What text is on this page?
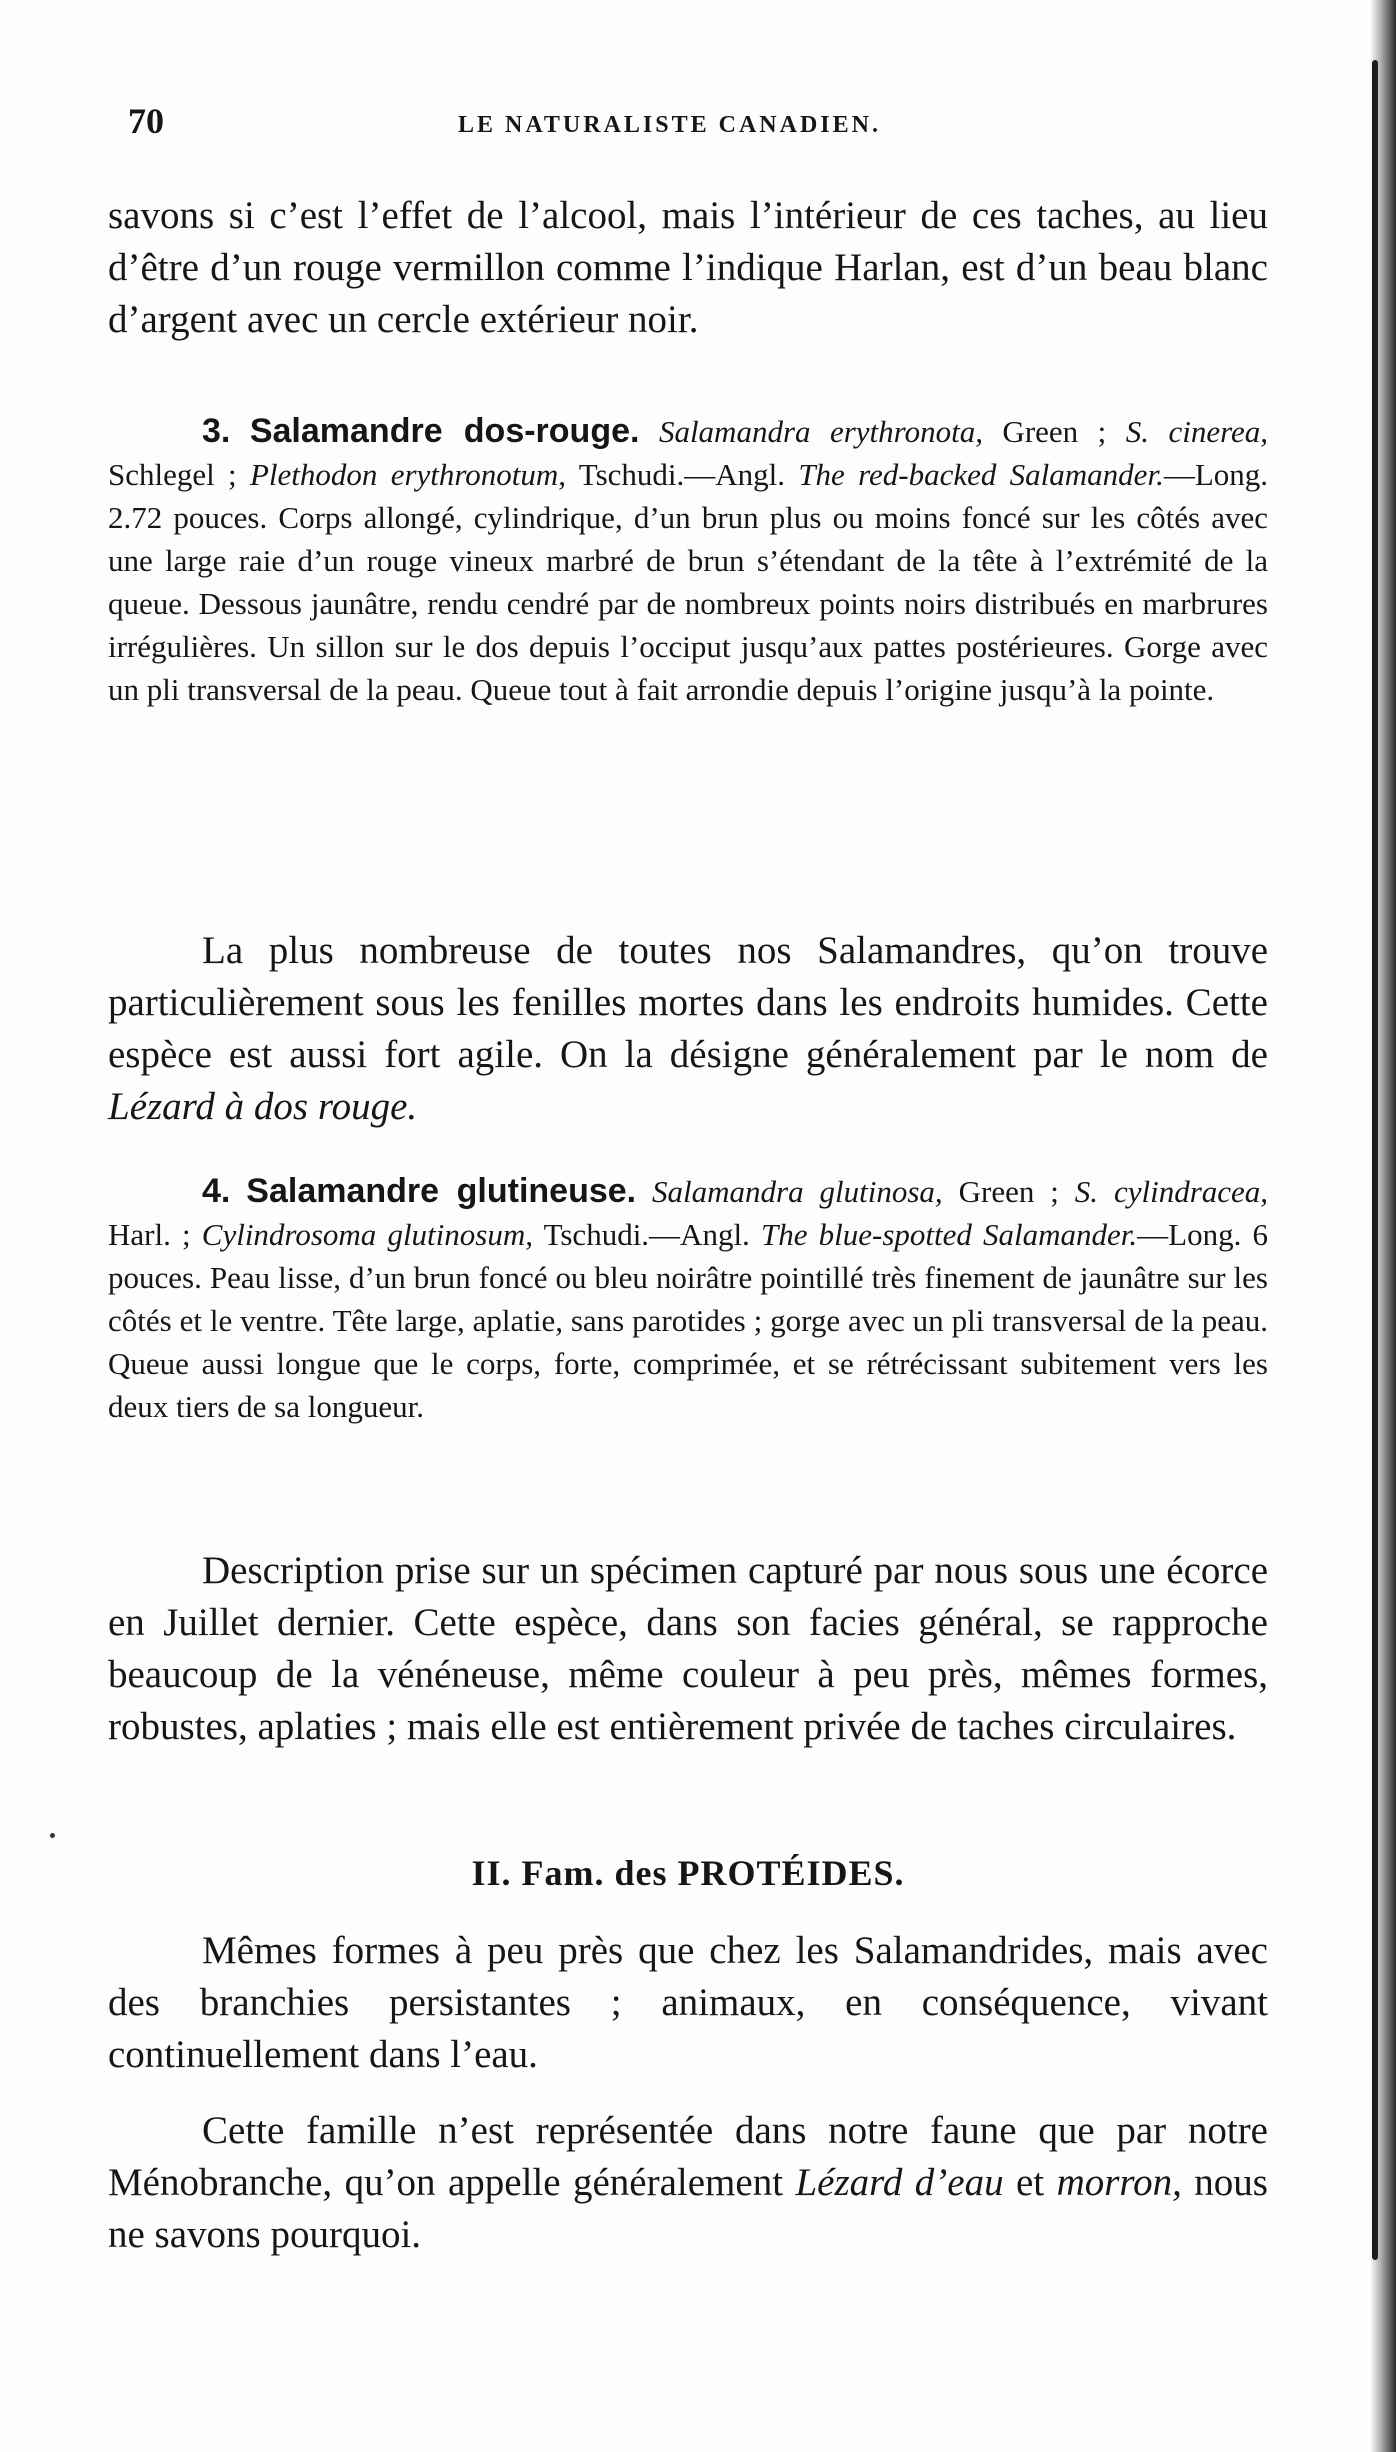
70	LE NATURALISTE CANADIEN.

savons si c’est l’effet de l’alcool, mais l’intérieur de ces taches, au lieu d’être d’un rouge vermillon comme l’indique Harlan, est d’un beau blanc d’argent avec un cercle extérieur noir.

3. Salamandre dos-rouge. Salamandra erythronota, Green ; S. cinerea, Schlegel ; Plethodon erythronotum, Tschudi.—Angl. The red-backed Salamander.—Long. 2.72 pouces. Corps allongé, cylindrique, d’un brun plus ou moins foncé sur les côtés avec une large raie d’un rouge vineux marbré de brun s’étendant de la tête à l’extrémité de la queue. Dessous jaunâtre, rendu cendré par de nombreux points noirs distribués en marbrures irrégulières. Un sillon sur le dos depuis l’occiput jusqu’aux pattes postérieures. Gorge avec un pli transversal de la peau. Queue tout à fait arrondie depuis l’origine jusqu’à la pointe.

La plus nombreuse de toutes nos Salamandres, qu’on trouve particulièrement sous les fenilles mortes dans les endroits humides. Cette espèce est aussi fort agile. On la désigne généralement par le nom de Lézard à dos rouge.

4. Salamandre glutineuse. Salamandra glutinosa, Green ; S. cylindracea, Harl. ; Cylindrosoma glutinosum, Tschudi.—Angl. The blue-spotted Salamander.—Long. 6 pouces. Peau lisse, d’un brun foncé ou bleu noirâtre pointillé très finement de jaunâtre sur les côtés et le ventre. Tête large, aplatie, sans parotides ; gorge avec un pli transversal de la peau. Queue aussi longue que le corps, forte, comprimée, et se rétrécissant subitement vers les deux tiers de sa longueur.

Description prise sur un spécimen capturé par nous sous une écorce en Juillet dernier. Cette espèce, dans son facies général, se rapproche beaucoup de la vénéneuse, même couleur à peu près, mêmes formes, robustes, aplaties ; mais elle est entièrement privée de taches circulaires.

II. Fam. des PROTÉIDES.

Mêmes formes à peu près que chez les Salamandrides, mais avec des branchies persistantes ; animaux, en conséquence, vivant continuellement dans l’eau.

Cette famille n’est représentée dans notre faune que par notre Ménobranche, qu’on appelle généralement Lézard d’eau et morron, nous ne savons pourquoi.
